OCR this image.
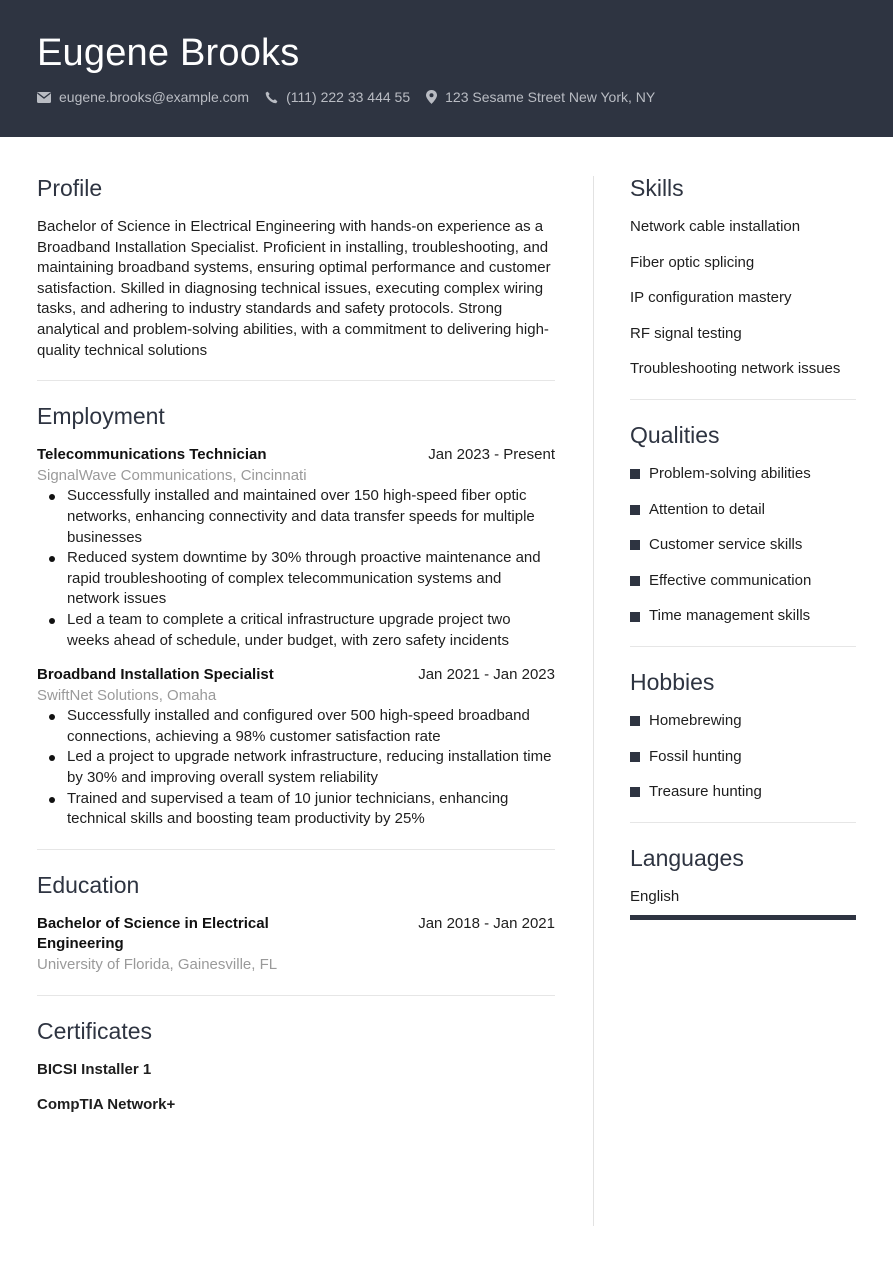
Eugene Brooks
eugene.brooks@example.com	(111) 222 33 444 55	123 Sesame Street New York, NY
Profile

Bachelor of Science in Electrical Engineering with hands-on experience as a Broadband Installation Specialist. Proficient in installing, troubleshooting, and maintaining broadband systems, ensuring optimal performance and customer satisfaction. Skilled in diagnosing technical issues, executing complex wiring tasks, and adhering to industry standards and safety protocols. Strong analytical and problem-solving abilities, with a commitment to delivering high-quality technical solutions

Employment
Telecommunications Technician	Jan 2023 - Present
SignalWave Communications, Cincinnati
Successfully installed and maintained over 150 high-speed fiber optic networks, enhancing connectivity and data transfer speeds for multiple businesses
Reduced system downtime by 30% through proactive maintenance and rapid troubleshooting of complex telecommunication systems and network issues
Led a team to complete a critical infrastructure upgrade project two weeks ahead of schedule, under budget, with zero safety incidents
Broadband Installation Specialist	Jan 2021 - Jan 2023
SwiftNet Solutions, Omaha
Successfully installed and configured over 500 high-speed broadband connections, achieving a 98% customer satisfaction rate
Led a project to upgrade network infrastructure, reducing installation time by 30% and improving overall system reliability
Trained and supervised a team of 10 junior technicians, enhancing technical skills and boosting team productivity by 25%
Education
Bachelor of Science in Electrical Engineering
Jan 2018 - Jan 2021
University of Florida, Gainesville, FL
Certificates
BICSI Installer 1
CompTIA Network+
Skills
Network cable installation
Fiber optic splicing
IP configuration mastery
RF signal testing
Troubleshooting network issues
Qualities
Problem-solving abilities
Attention to detail
Customer service skills
Effective communication
Time management skills
Hobbies
Homebrewing
Fossil hunting
Treasure hunting
Languages
English
